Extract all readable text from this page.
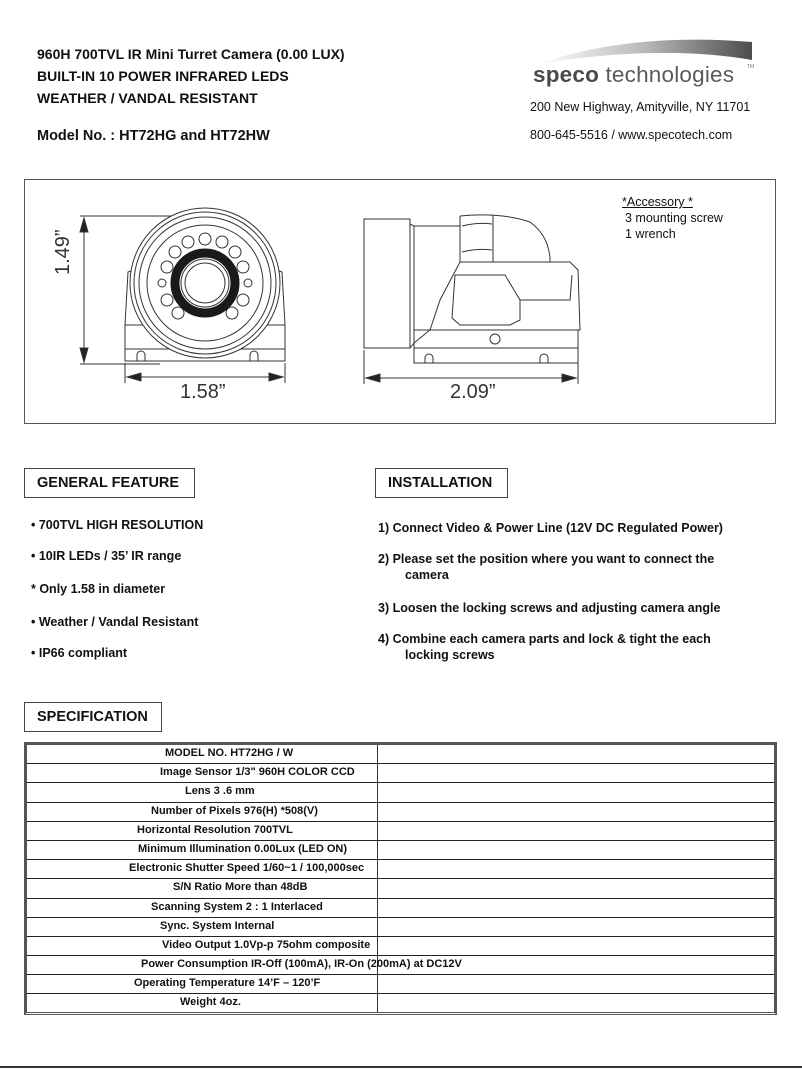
960H 700TVL IR Mini Turret Camera (0.00 LUX)
BUILT-IN 10 POWER INFRARED LEDS
WEATHER / VANDAL RESISTANT
Model No. : HT72HG and HT72HW
speco technologies	TM
200 New Highway, Amityville, NY 11701
800-645-5516 / www.specotech.com
1.49”
1.58”	2.09”
*Accessory *
3 mounting screw
1 wrench
GENERAL FEATURE
• 700TVL HIGH RESOLUTION
• 10IR LEDs / 35’ IR range
* Only 1.58 in diameter
• Weather / Vandal Resistant
• IP66 compliant
INSTALLATION
1) Connect Video & Power Line (12V DC Regulated Power)
2) Please set the position where you want to connect the
camera
3) Loosen the locking screws and adjusting camera angle
4) Combine each camera parts and lock & tight the each
locking screws
SPECIFICATION
MODEL NO. HT72HG / W
Image Sensor 1/3" 960H COLOR CCD
Lens 3 .6 mm
Number of Pixels 976(H) *508(V)
Horizontal Resolution 700TVL
Minimum Illumination 0.00Lux (LED ON)
Electronic Shutter Speed 1/60~1 / 100,000sec
S/N Ratio More than 48dB
Scanning System 2 : 1 Interlaced
Sync. System Internal
Video Output 1.0Vp-p 75ohm composite
Power Consumption IR-Off (100mA), IR-On (200mA) at DC12V
Operating Temperature 14’F – 120’F
Weight 4oz.
